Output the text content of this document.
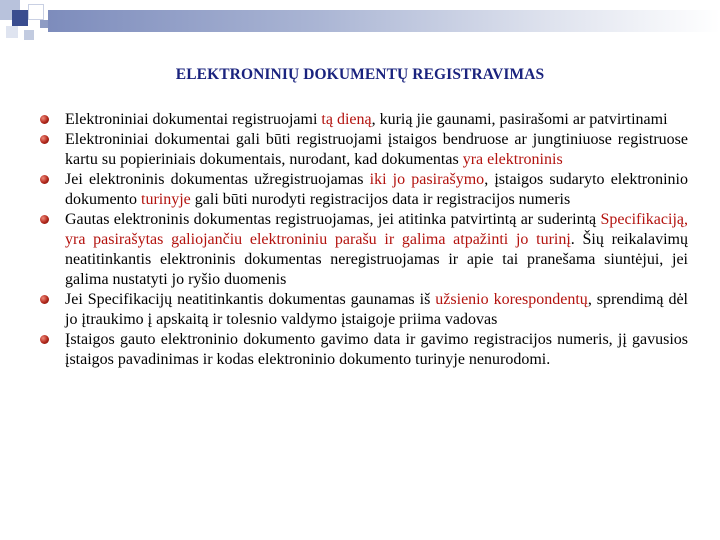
ELEKTRONINIŲ DOKUMENTŲ REGISTRAVIMAS
Elektroniniai dokumentai registruojami tą dieną, kurią jie gaunami, pasirašomi ar patvirtinami
Elektroniniai dokumentai gali būti registruojami įstaigos bendruose ar jungtiniuose registruose kartu su popieriniais dokumentais, nurodant, kad dokumentas yra elektroninis
Jei elektroninis dokumentas užregistruojamas iki jo pasirašymo, įstaigos sudaryto elektroninio dokumento turinyje gali būti nurodyti registracijos data ir registracijos numeris
Gautas elektroninis dokumentas registruojamas, jei atitinka patvirtintą ar suderintą Specifikaciją, yra pasirašytas galiojančiu elektroniniu parašu ir galima atpažinti jo turinį. Šių reikalavimų neatitinkantis elektroninis dokumentas neregistruojamas ir apie tai pranešama siuntėjui, jei galima nustatyti jo ryšio duomenis
Jei Specifikacijų neatitinkantis dokumentas gaunamas iš užsienio korespondentų, sprendimą dėl jo įtraukimo į apskaitą ir tolesnio valdymo įstaigoje priima vadovas
Įstaigos gauto elektroninio dokumento gavimo data ir gavimo registracijos numeris, jį gavusios įstaigos pavadinimas ir kodas elektroninio dokumento turinyje nenurodomi.
